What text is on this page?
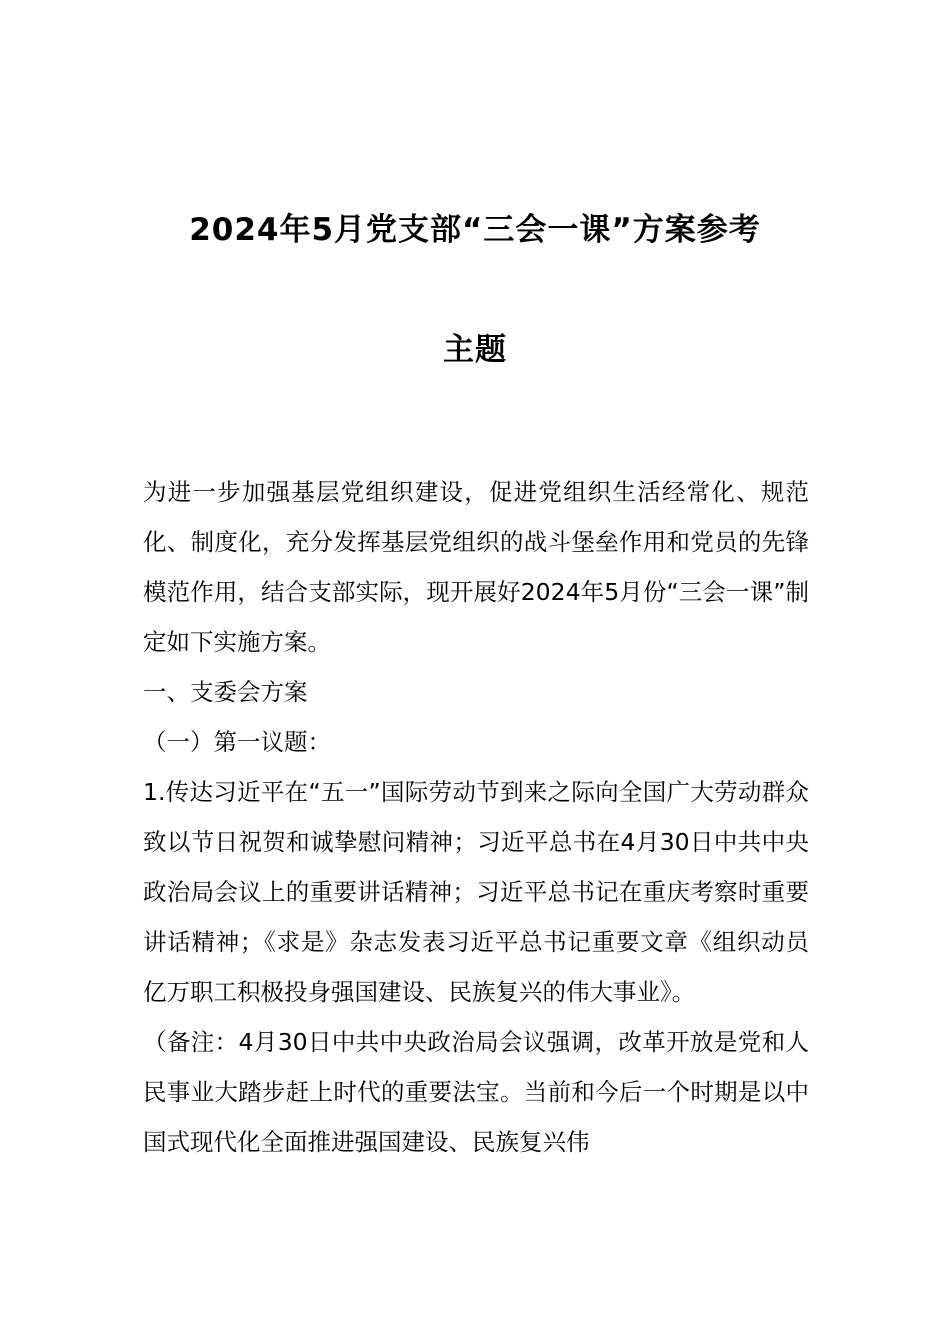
2024年5月党支部“三会一课”方案参考
主题

为进一步加强基层党组织建设，促进党组织生活经常化、规范化、制度化，充分发挥基层党组织的战斗堡垒作用和党员的先锋模范作用，结合支部实际，现开展好2024年5月份“三会一课”制定如下实施方案。

一、支委会方案

（一）第一议题：

1.传达习近平在“五一”国际劳动节到来之际向全国广大劳动群众致以节日祝贺和诚挚慰问精神；习近平总书在4月30日中共中央政治局会议上的重要讲话精神；习近平总书记在重庆考察时重要讲话精神；《求是》杂志发表习近平总书记重要文章《组织动员亿万职工积极投身强国建设、民族复兴的伟大事业》。

（备注：4月30日中共中央政治局会议强调，改革开放是党和人民事业大踏步赶上时代的重要法宝。当前和今后一个时期是以中国式现代化全面推进强国建设、民族复兴伟
